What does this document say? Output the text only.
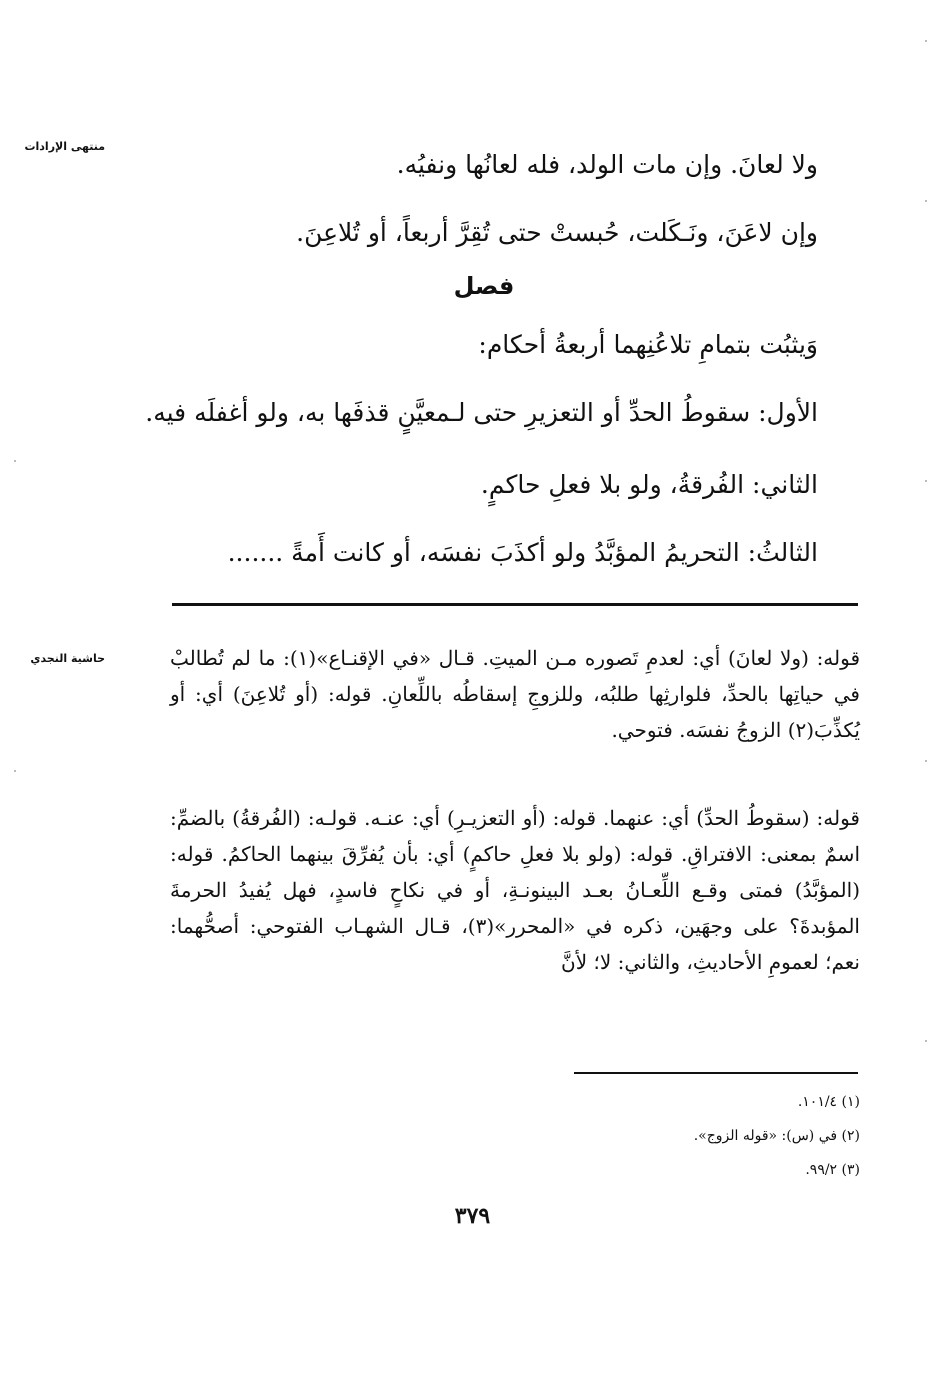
منتهى الإرادات
حاشية النجدي
ولا لعانَ. وإن مات الولد، فله لعانُها ونفيُه.
وإن لاعَنَ، ونَـكَلت، حُبستْ حتى تُقِرَّ أربعاً، أو تُلاعِنَ.
فصل
وَيثبُت بتمامِ تلاعُنِهما أربعةُ أحكام:
الأول: سقوطُ الحدِّ أو التعزيرِ حتى لـمعيَّنٍ قذفَها به، ولو أغفلَه فيه.
الثاني: الفُرقةُ، ولو بلا فعلِ حاكمٍ.
الثالثُ: التحريمُ المؤبَّدُ ولو أكذَبَ نفسَه، أو كانت أَمةً .......
قوله: (ولا لعانَ) أي: لعدمِ تَصوره مـن الميتِ. قـال «في الإقنـاع»(١): ما لم تُطالبْ في حياتِها بالحدِّ، فلوارثِها طلبُه، وللزوجِ إسقاطُه باللِّعانِ. قوله: (أو تُلاعِنَ) أي: أو يُكذِّبَ(٢) الزوجُ نفسَه. فتوحي.
قوله: (سقوطُ الحدِّ) أي: عنهما. قوله: (أو التعزيـرِ) أي: عنـه. قولـه: (الفُرقةُ) بالضمِّ: اسمٌ بمعنى: الافتراقِ. قوله: (ولو بلا فعلِ حاكمٍ) أي: بأن يُفرِّقَ بينهما الحاكمُ. قوله: (المؤبَّدُ) فمتى وقـع اللِّعـانُ بعـد البينونـةِ، أو في نكاحٍ فاسدٍ، فهل يُفيدُ الحرمةَ المؤبدةَ؟ على وجهَين، ذكره في «المحرر»(٣)، قـال الشهـاب الفتوحي: أصحُّهما: نعم؛ لعمومِ الأحاديثِ، والثاني: لا؛ لأنَّ
(١) ١٠١/٤.
(٢) في (س): «قوله الزوج».
(٣) ٩٩/٢.
٣٧٩
